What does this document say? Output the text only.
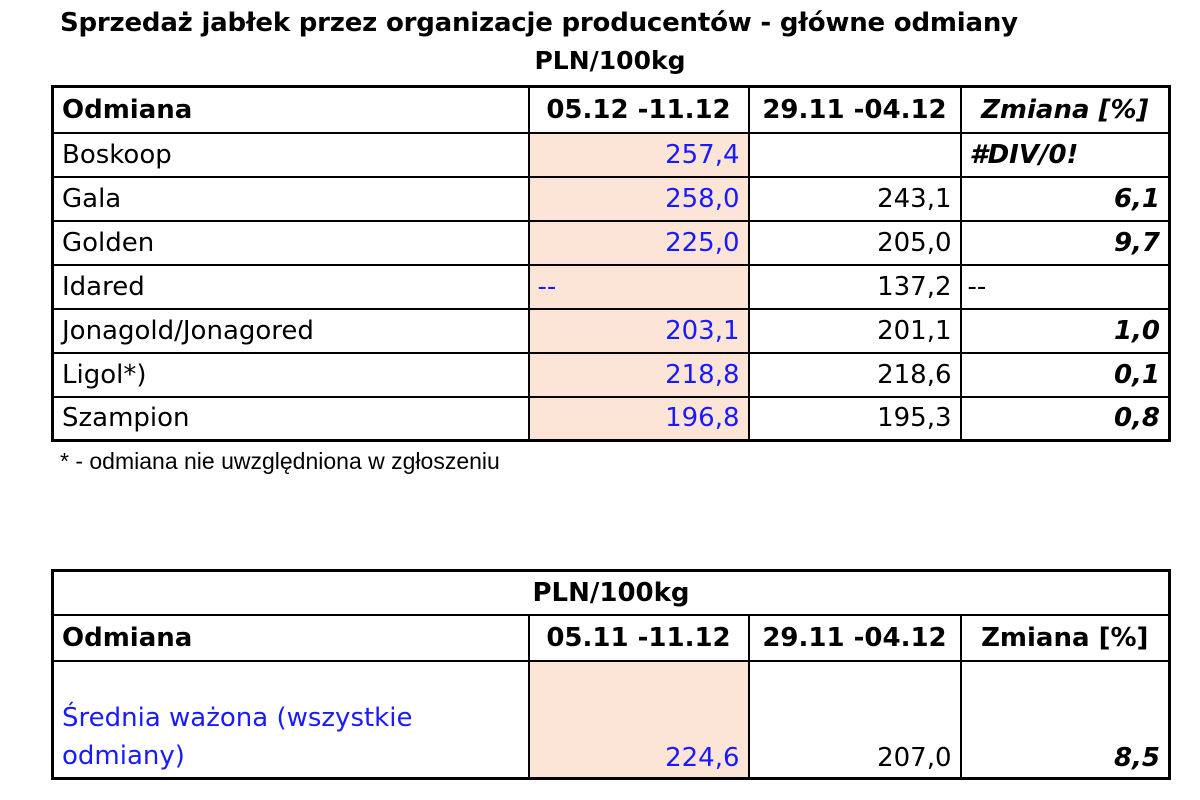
Sprzedaż jabłek przez organizacje producentów - główne odmiany
PLN/100kg
Odmiana	05.12 -11.12	29.11 -04.12	Zmiana [%]
Boskoop	257,4		#DIV/0!
Gala	258,0	243,1	6,1
Golden	225,0	205,0	9,7
Idared	--	137,2	--
Jonagold/Jonagored	203,1	201,1	1,0
Ligol*)	218,8	218,6	0,1
Szampion	196,8	195,3	0,8
* - odmiana nie uwzględniona w zgłoszeniu
PLN/100kg			
Odmiana	05.11 -11.12	29.11 -04.12	Zmiana [%]
Średnia ważona (wszystkie odmiany)	224,6	207,0	8,5
